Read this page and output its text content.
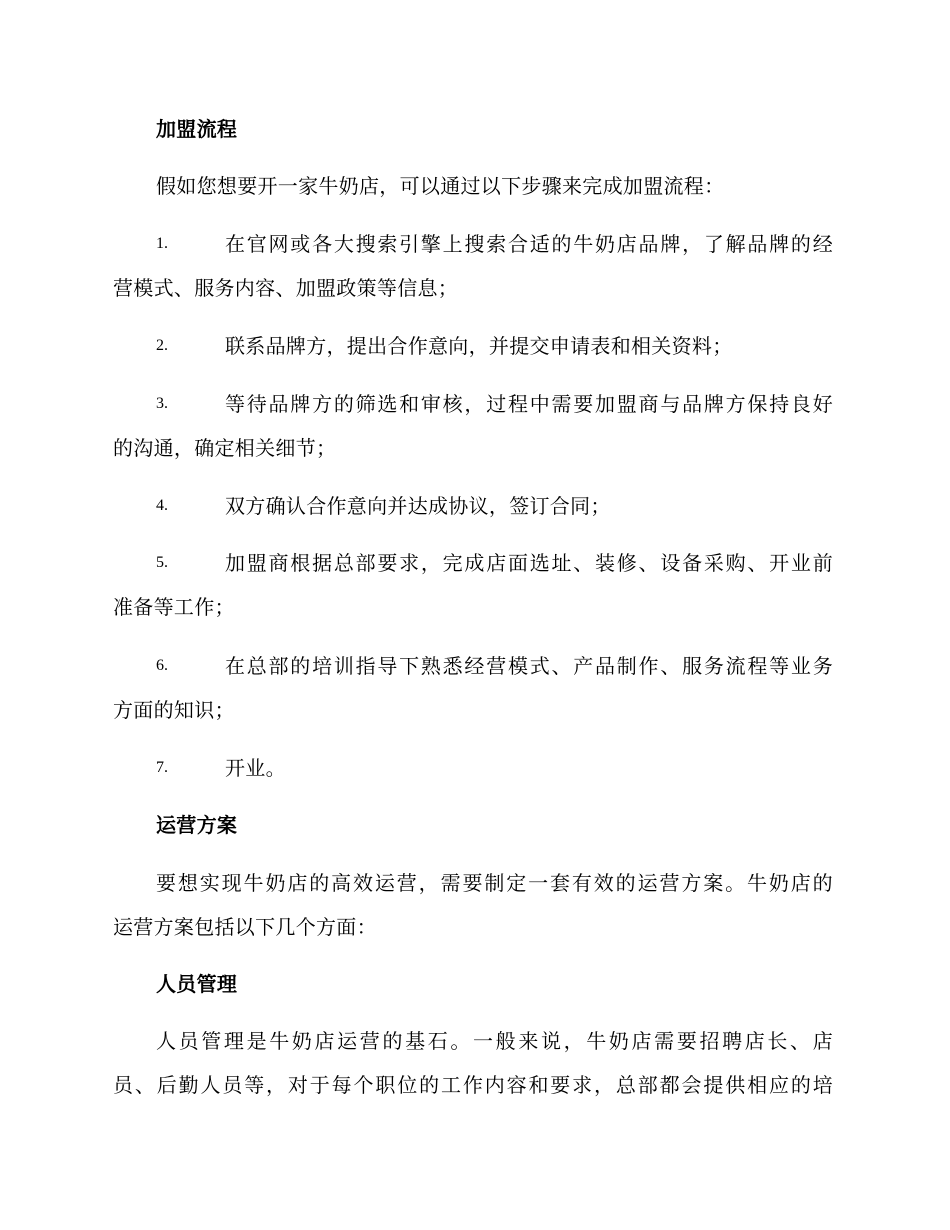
加盟流程
假如您想要开一家牛奶店，可以通过以下步骤来完成加盟流程：
1.	在官网或各大搜索引擎上搜索合适的牛奶店品牌，了解品牌的经
营模式、服务内容、加盟政策等信息；
2.	联系品牌方，提出合作意向，并提交申请表和相关资料；
3.	等待品牌方的筛选和审核，过程中需要加盟商与品牌方保持良好
的沟通，确定相关细节；
4.	双方确认合作意向并达成协议，签订合同；
5.	加盟商根据总部要求，完成店面选址、装修、设备采购、开业前
准备等工作；
6.	在总部的培训指导下熟悉经营模式、产品制作、服务流程等业务
方面的知识；
7.	开业。
运营方案
要想实现牛奶店的高效运营，需要制定一套有效的运营方案。牛奶店的
运营方案包括以下几个方面：
人员管理
人员管理是牛奶店运营的基石。一般来说，牛奶店需要招聘店长、店
员、后勤人员等，对于每个职位的工作内容和要求，总部都会提供相应的培
